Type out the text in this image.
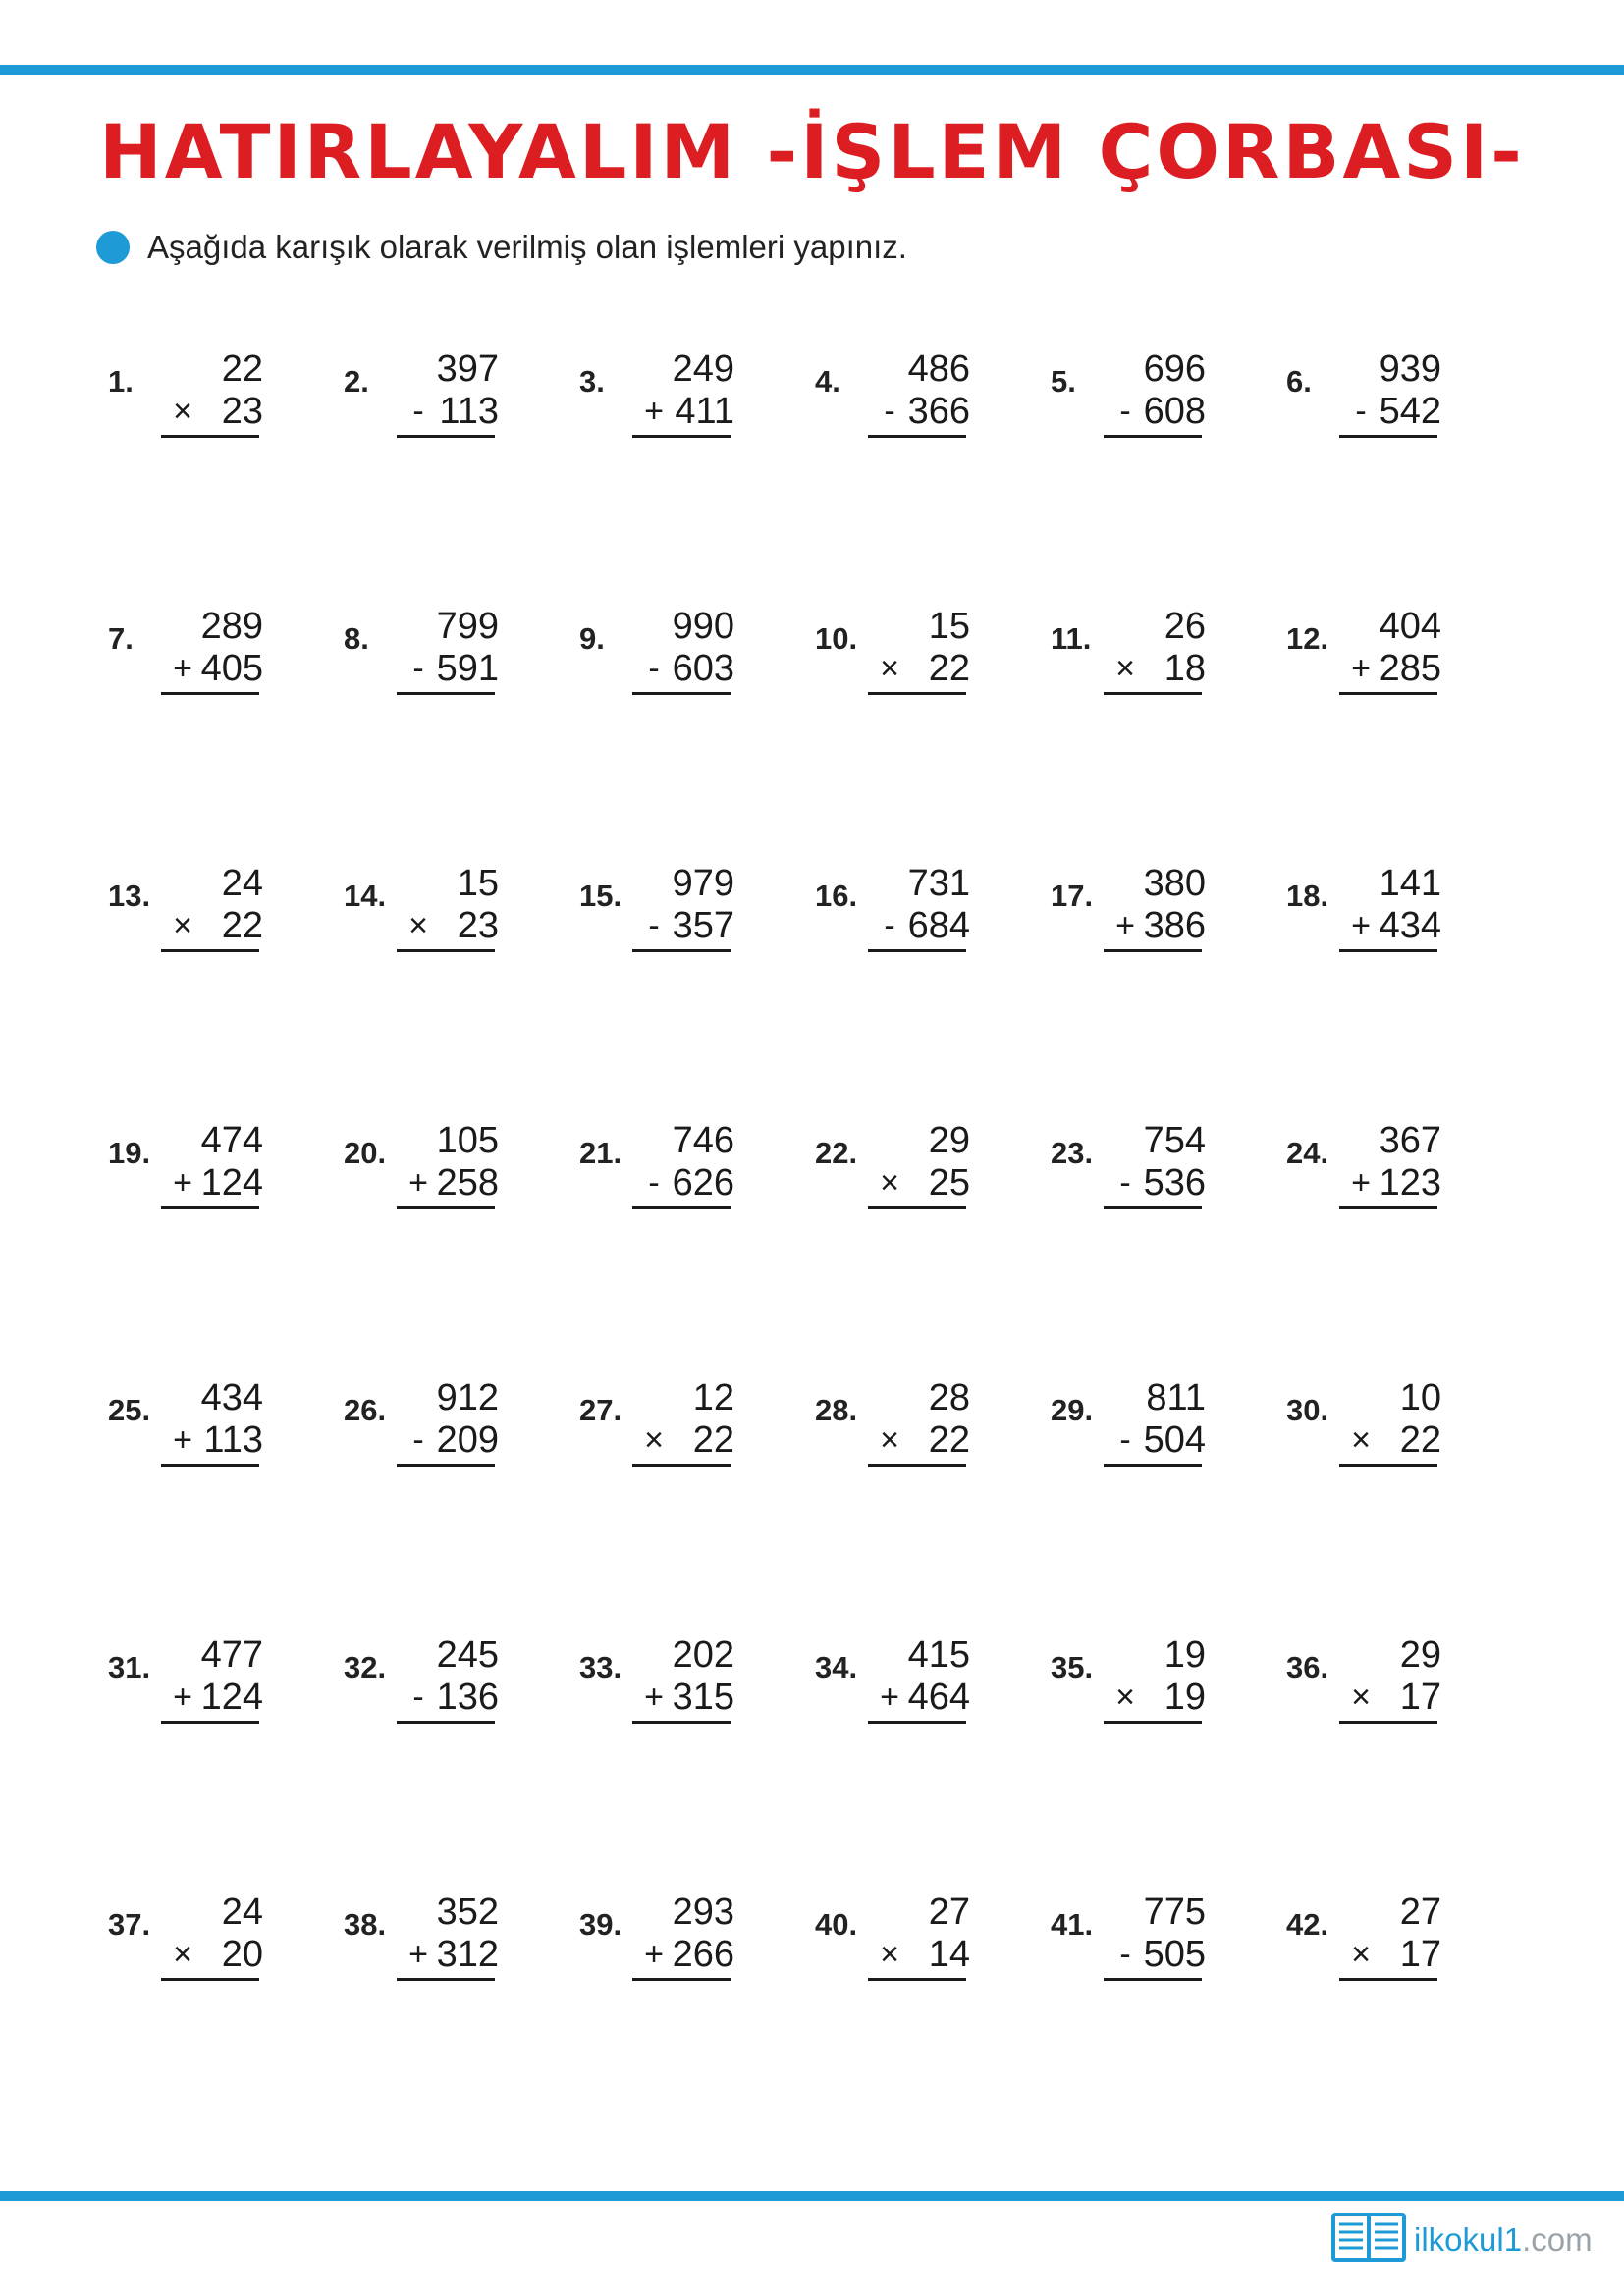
HATIRLAYALIM -İŞLEM ÇORBASI-
Aşağıda karışık olarak verilmiş olan işlemleri yapınız.
1.	22
× 23
2.	397
- 113
3.	249
+ 411
4.	486
- 366
5.	696
- 608
6.	939
- 542
7.	289
+ 405
8.	799
- 591
9.	990
- 603
10.	15
× 22
11.	26
× 18
12.	404
+ 285
13.	24
× 22
14.	15
× 23
15.	979
- 357
16.	731
- 684
17.	380
+ 386
18.	141
+ 434
19.	474
+ 124
20.	105
+ 258
21.	746
- 626
22.	29
× 25
23.	754
- 536
24.	367
+ 123
25.	434
+ 113
26.	912
- 209
27.	12
× 22
28.	28
× 22
29.	811
- 504
30.	10
× 22
31.	477
+ 124
32.	245
- 136
33.	202
+ 315
34.	415
+ 464
35.	19
× 19
36.	29
× 17
37.	24
× 20
38.	352
+ 312
39.	293
+ 266
40.	27
× 14
41.	775
- 505
42.	27
× 17
ilkokul1.com
